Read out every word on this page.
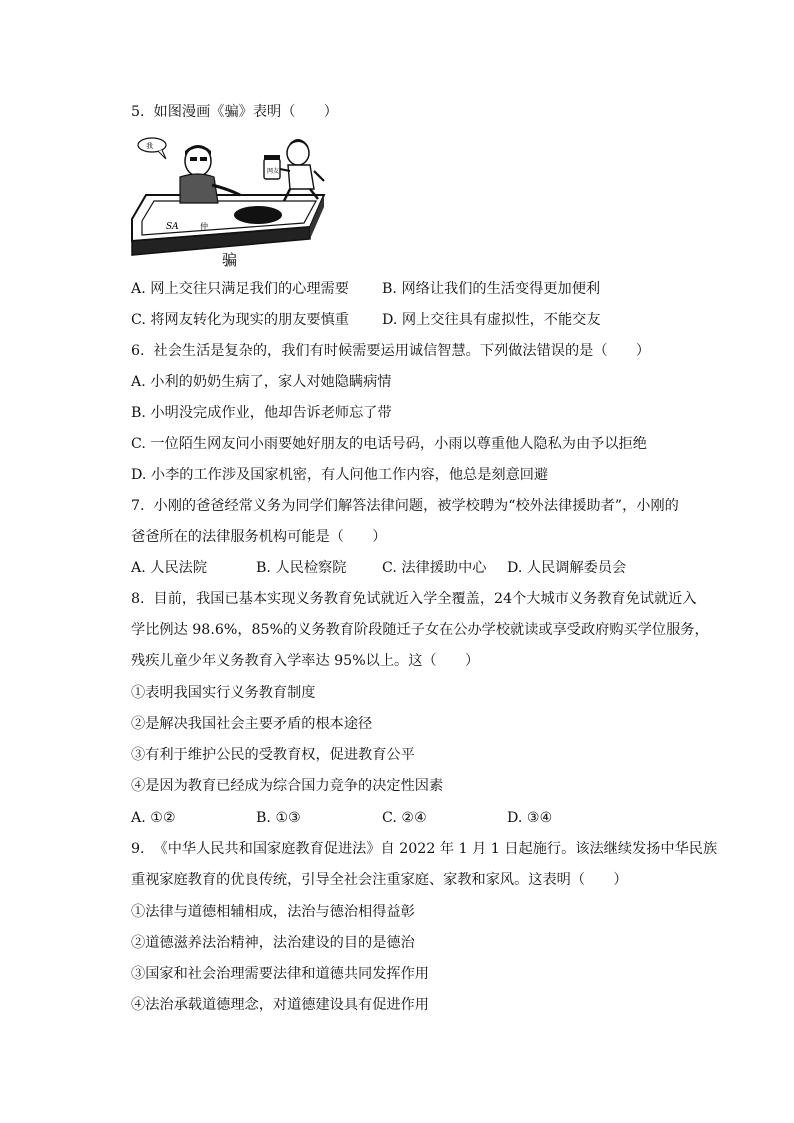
5.  如图漫画《骗》表明（　　）
SA	仲
我
网友
骗
A. 网上交往只满足我们的心理需要 B. 网络让我们的生活变得更加便利
C. 将网友转化为现实的朋友要慎重 D. 网上交往具有虚拟性，不能交友
6.  社会生活是复杂的，我们有时候需要运用诚信智慧。下列做法错误的是（　　）
A. 小利的奶奶生病了，家人对她隐瞒病情
B. 小明没完成作业，他却告诉老师忘了带
C. 一位陌生网友问小雨要她好朋友的电话号码，小雨以尊重他人隐私为由予以拒绝
D. 小李的工作涉及国家机密，有人问他工作内容，他总是刻意回避
7.  小刚的爸爸经常义务为同学们解答法律问题，被学校聘为“校外法律援助者”，小刚的
爸爸所在的法律服务机构可能是（　　）
A. 人民法院	B. 人民检察院	C. 法律援助中心 D. 人民调解委员会
8.  目前，我国已基本实现义务教育免试就近入学全覆盖，24个大城市义务教育免试就近入
学比例达 98.6%，85%的义务教育阶段随迁子女在公办学校就读或享受政府购买学位服务，
残疾儿童少年义务教育入学率达 95%以上。这（　　）
①表明我国实行义务教育制度
②是解决我国社会主要矛盾的根本途径
③有利于维护公民的受教育权，促进教育公平
④是因为教育已经成为综合国力竞争的决定性因素
A. ①②	B. ①③	C. ②④	D. ③④
9.  《中华人民共和国家庭教育促进法》自 2022 年 1 月 1 日起施行。该法继续发扬中华民族
重视家庭教育的优良传统，引导全社会注重家庭、家教和家风。这表明（　　）
①法律与道德相辅相成，法治与德治相得益彰
②道德滋养法治精神，法治建设的目的是德治
③国家和社会治理需要法律和道德共同发挥作用
④法治承载道德理念，对道德建设具有促进作用
